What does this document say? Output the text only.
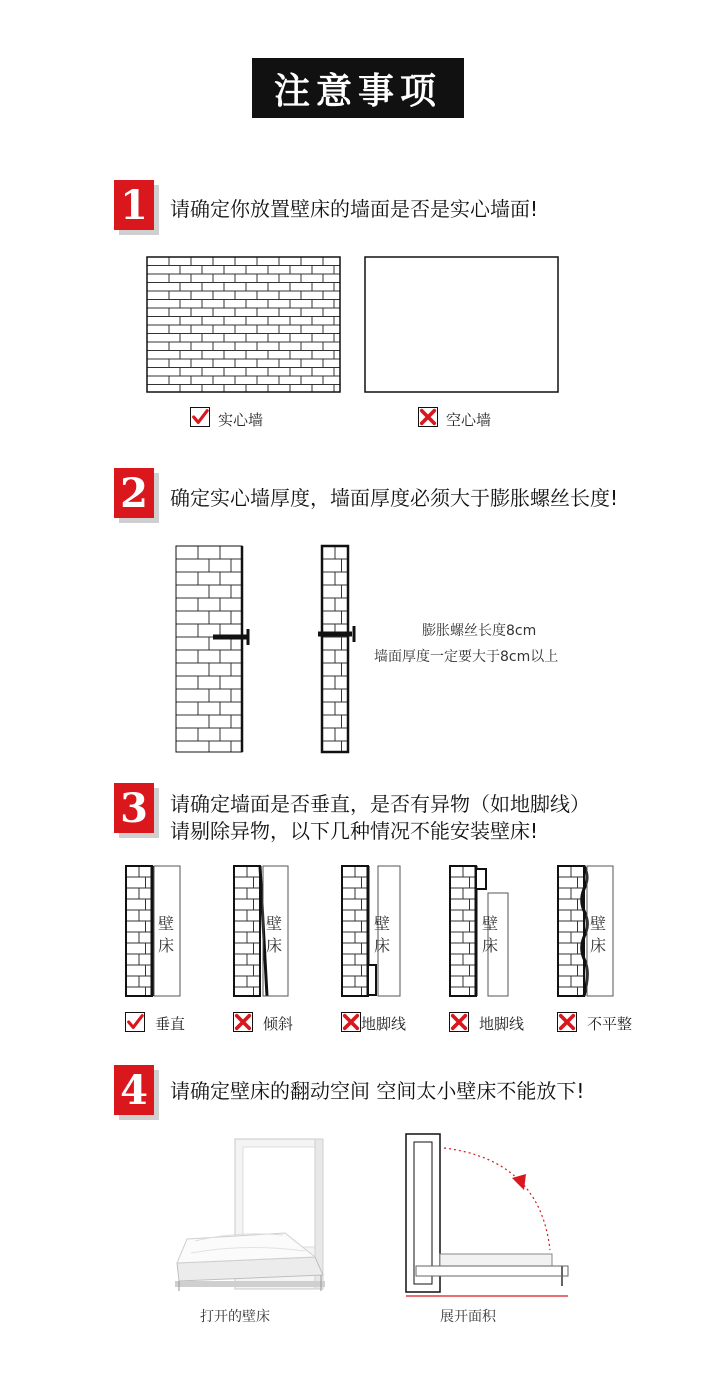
注意事项
1	请确定你放置壁床的墙面是否是实心墙面!
实心墙	空心墙
2	确定实心墙厚度，墙面厚度必须大于膨胀螺丝长度!
膨胀螺丝长度8cm
墙面厚度一定要大于8cm以上
3	请确定墙面是否垂直，是否有异物（如地脚线）
请剔除异物，以下几种情况不能安装壁床!
壁
床
垂直
壁
床
倾斜
壁
床
地脚线
壁
床
地脚线
壁
床
不平整
4	请确定壁床的翻动空间 空间太小壁床不能放下!
打开的壁床	展开面积
